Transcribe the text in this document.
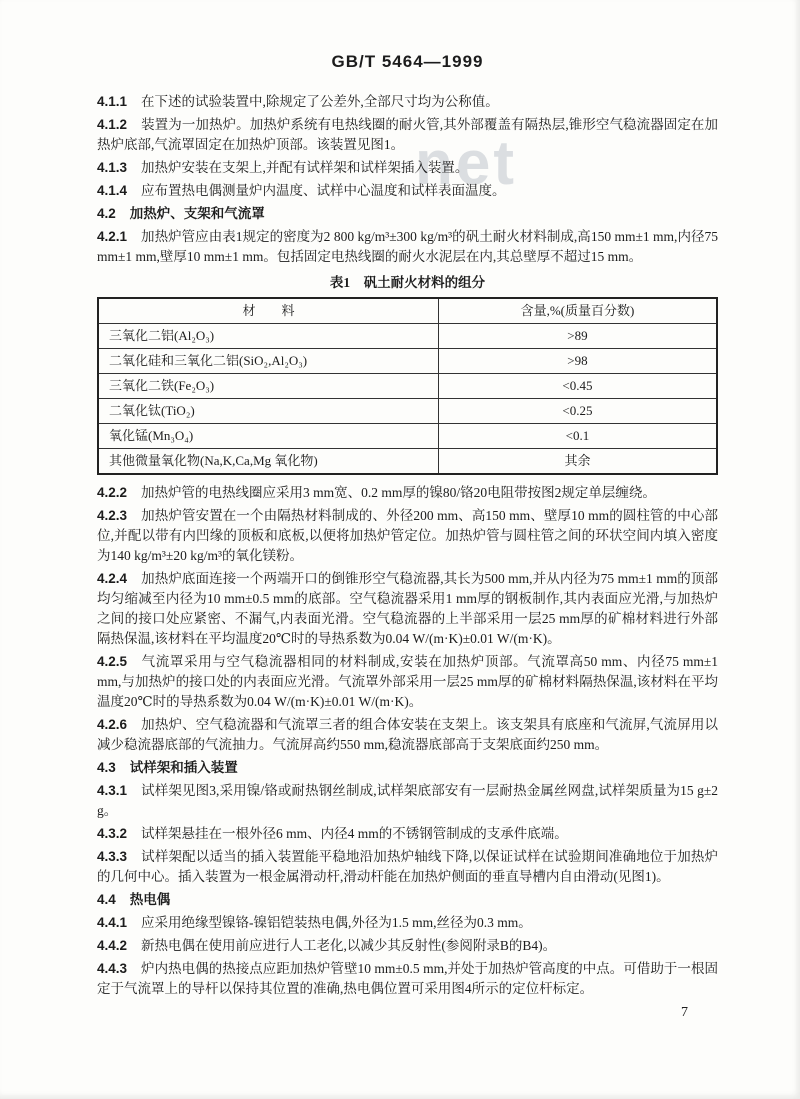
net
GB/T 5464—1999

4.1.1 在下述的试验装置中,除规定了公差外,全部尺寸均为公称值。

4.1.2 装置为一加热炉。加热炉系统有电热线圈的耐火管,其外部覆盖有隔热层,锥形空气稳流器固定在加热炉底部,气流罩固定在加热炉顶部。该装置见图1。

4.1.3 加热炉安装在支架上,并配有试样架和试样架插入装置。

4.1.4 应布置热电偶测量炉内温度、试样中心温度和试样表面温度。

4.2 加热炉、支架和气流罩

4.2.1 加热炉管应由表1规定的密度为2 800 kg/m³±300 kg/m³的矾土耐火材料制成,高150 mm±1 mm,内径75 mm±1 mm,壁厚10 mm±1 mm。包括固定电热线圈的耐火水泥层在内,其总壁厚不超过15 mm。

表1　矾土耐火材料的组分
材　　料	含量,%(质量百分数)
三氧化二铝(Al₂O₃)	>89
二氧化硅和三氧化二铝(SiO₂,Al₂O₃)	>98
三氧化二铁(Fe₂O₃)	<0.45
二氧化钛(TiO₂)	<0.25
氧化锰(Mn₃O₄)	<0.1
其他微量氧化物(Na,K,Ca,Mg 氧化物)	其余

4.2.2 加热炉管的电热线圈应采用3 mm宽、0.2 mm厚的镍80/铬20电阻带按图2规定单层缠绕。

4.2.3 加热炉管安置在一个由隔热材料制成的、外径200 mm、高150 mm、壁厚10 mm的圆柱管的中心部位,并配以带有内凹缘的顶板和底板,以便将加热炉管定位。加热炉管与圆柱管之间的环状空间内填入密度为140 kg/m³±20 kg/m³的氧化镁粉。

4.2.4 加热炉底面连接一个两端开口的倒锥形空气稳流器,其长为500 mm,并从内径为75 mm±1 mm的顶部均匀缩减至内径为10 mm±0.5 mm的底部。空气稳流器采用1 mm厚的钢板制作,其内表面应光滑,与加热炉之间的接口处应紧密、不漏气,内表面光滑。空气稳流器的上半部采用一层25 mm厚的矿棉材料进行外部隔热保温,该材料在平均温度20℃时的导热系数为0.04 W/(m·K)±0.01 W/(m·K)。

4.2.5 气流罩采用与空气稳流器相同的材料制成,安装在加热炉顶部。气流罩高50 mm、内径75 mm±1 mm,与加热炉的接口处的内表面应光滑。气流罩外部采用一层25 mm厚的矿棉材料隔热保温,该材料在平均温度20℃时的导热系数为0.04 W/(m·K)±0.01 W/(m·K)。

4.2.6 加热炉、空气稳流器和气流罩三者的组合体安装在支架上。该支架具有底座和气流屏,气流屏用以减少稳流器底部的气流抽力。气流屏高约550 mm,稳流器底部高于支架底面约250 mm。

4.3 试样架和插入装置

4.3.1 试样架见图3,采用镍/铬或耐热钢丝制成,试样架底部安有一层耐热金属丝网盘,试样架质量为15 g±2 g。

4.3.2 试样架悬挂在一根外径6 mm、内径4 mm的不锈钢管制成的支承件底端。

4.3.3 试样架配以适当的插入装置能平稳地沿加热炉轴线下降,以保证试样在试验期间准确地位于加热炉的几何中心。插入装置为一根金属滑动杆,滑动杆能在加热炉侧面的垂直导槽内自由滑动(见图1)。

4.4 热电偶

4.4.1 应采用绝缘型镍铬-镍铝铠装热电偶,外径为1.5 mm,丝径为0.3 mm。

4.4.2 新热电偶在使用前应进行人工老化,以减少其反射性(参阅附录B的B4)。

4.4.3 炉内热电偶的热接点应距加热炉管壁10 mm±0.5 mm,并处于加热炉管高度的中点。可借助于一根固定于气流罩上的导杆以保持其位置的准确,热电偶位置可采用图4所示的定位杆标定。

7
